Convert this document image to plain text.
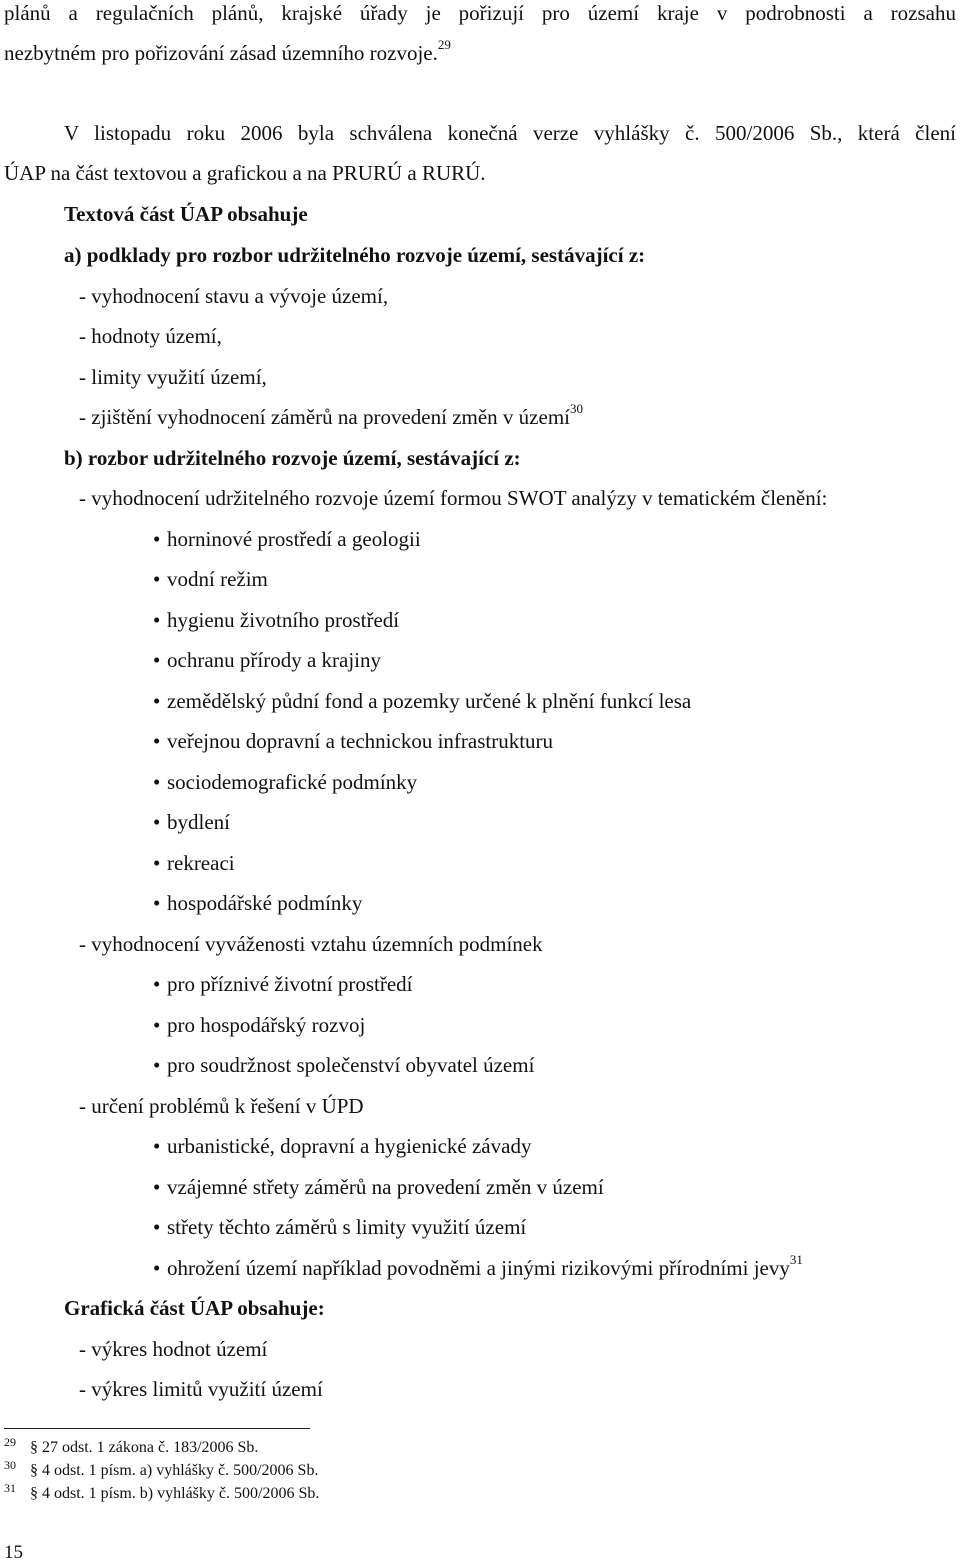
plánů a regulačních plánů, krajské úřady je pořizují pro území kraje v podrobnosti a rozsahu
nezbytném pro pořizování zásad územního rozvoje.$^{29}$
V listopadu roku 2006 byla schválena konečná verze vyhlášky č. 500/2006 Sb., která člení
ÚAP na část textovou a grafickou a na PRURÚ a RURÚ.
Textová část ÚAP obsahuje
a) podklady pro rozbor udržitelného rozvoje území, sestávající z:
- vyhodnocení stavu a vývoje území,
- hodnoty území,
- limity využití území,
- zjištění vyhodnocení záměrů na provedení změn v území$^{30}$
b) rozbor udržitelného rozvoje území, sestávající z:
- vyhodnocení udržitelného rozvoje území formou SWOT analýzy v tematickém členění:
• horninové prostředí a geologii
• vodní režim
• hygienu životního prostředí
• ochranu přírody a krajiny
• zemědělský půdní fond a pozemky určené k plnění funkcí lesa
• veřejnou dopravní a technickou infrastrukturu
• sociodemografické podmínky
• bydlení
• rekreaci
• hospodářské podmínky
- vyhodnocení vyváženosti vztahu územních podmínek
• pro příznivé životní prostředí
• pro hospodářský rozvoj
• pro soudržnost společenství obyvatel území
- určení problémů k řešení v ÚPD
• urbanistické, dopravní a hygienické závady
• vzájemné střety záměrů na provedení změn v území
• střety těchto záměrů s limity využití území
• ohrožení území například povodněmi a jinými rizikovými přírodními jevy$^{31}$
Grafická část ÚAP obsahuje:
- výkres hodnot území
- výkres limitů využití území
$^{29}$ § 27 odst. 1 zákona č. 183/2006 Sb.
$^{30}$ § 4 odst. 1 písm. a) vyhlášky č. 500/2006 Sb.
$^{31}$ § 4 odst. 1 písm. b) vyhlášky č. 500/2006 Sb.
15
